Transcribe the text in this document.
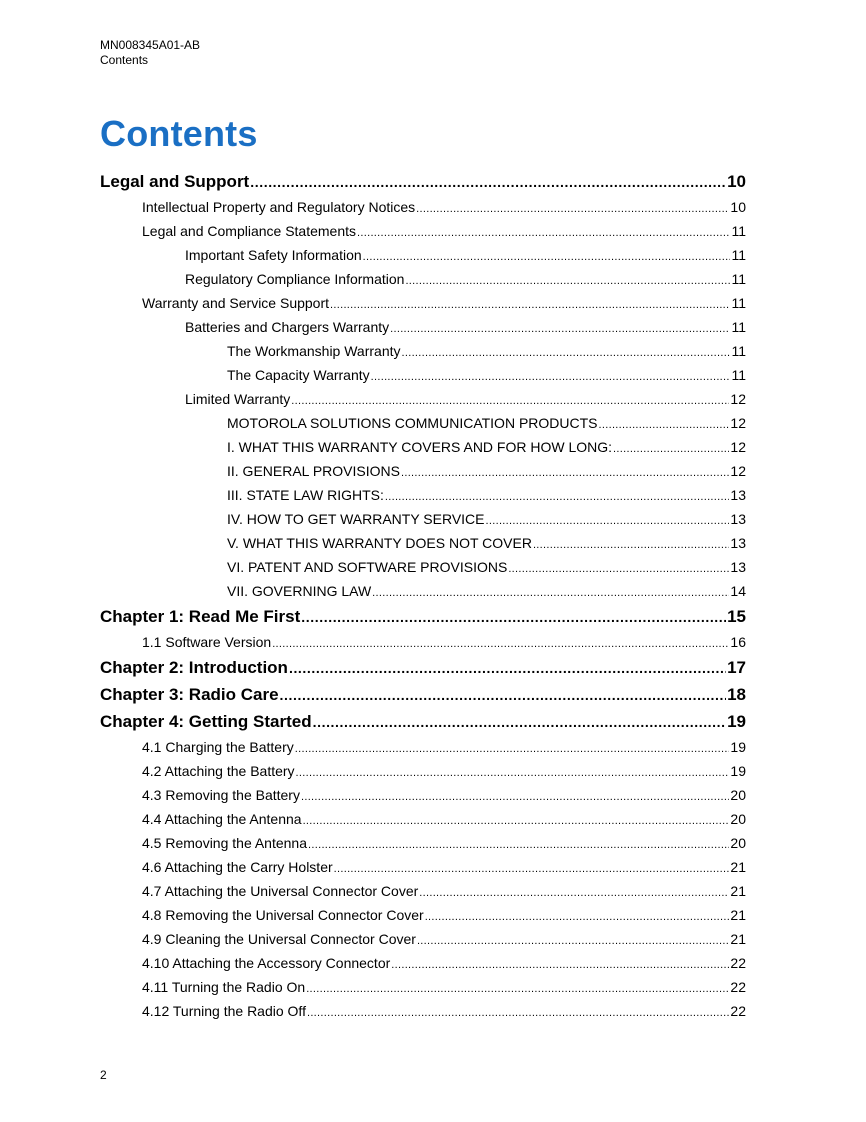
MN008345A01-AB
Contents
Contents
Legal and Support .....	10
Intellectual Property and Regulatory Notices .....	10
Legal and Compliance Statements .....	11
Important Safety Information .....	11
Regulatory Compliance Information .....	11
Warranty and Service Support .....	11
Batteries and Chargers Warranty .....	11
The Workmanship Warranty .....	11
The Capacity Warranty .....	11
Limited Warranty .....	12
MOTOROLA SOLUTIONS COMMUNICATION PRODUCTS .....	12
I. WHAT THIS WARRANTY COVERS AND FOR HOW LONG: .....	12
II. GENERAL PROVISIONS .....	12
III. STATE LAW RIGHTS: .....	13
IV. HOW TO GET WARRANTY SERVICE .....	13
V. WHAT THIS WARRANTY DOES NOT COVER .....	13
VI. PATENT AND SOFTWARE PROVISIONS .....	13
VII. GOVERNING LAW .....	14
Chapter 1: Read Me First .....	15
1.1 Software Version .....	16
Chapter 2: Introduction .....	17
Chapter 3: Radio Care .....	18
Chapter 4: Getting Started .....	19
4.1 Charging the Battery .....	19
4.2 Attaching the Battery .....	19
4.3 Removing the Battery .....	20
4.4 Attaching the Antenna .....	20
4.5 Removing the Antenna .....	20
4.6 Attaching the Carry Holster .....	21
4.7 Attaching the Universal Connector Cover .....	21
4.8 Removing the Universal Connector Cover .....	21
4.9 Cleaning the Universal Connector Cover .....	21
4.10 Attaching the Accessory Connector .....	22
4.11 Turning the Radio On .....	22
4.12 Turning the Radio Off .....	22
2
